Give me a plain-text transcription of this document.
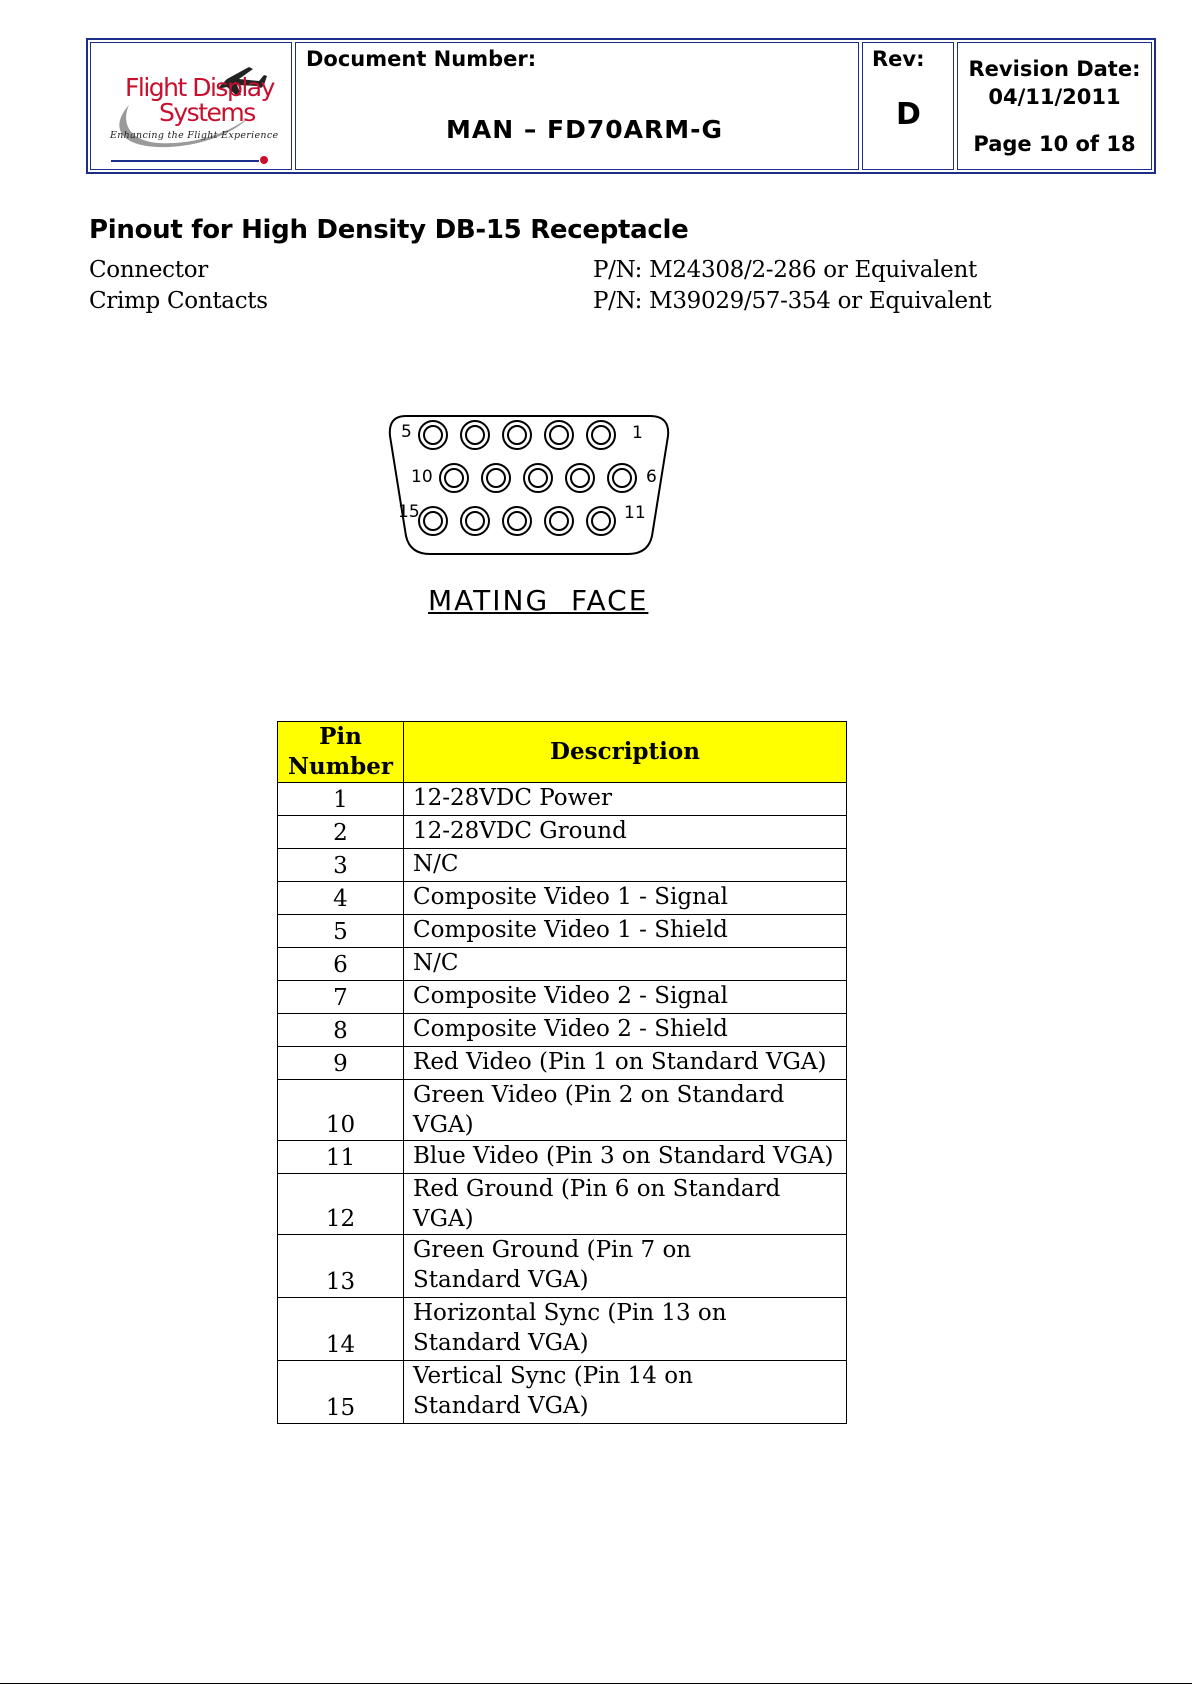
Flight Display
Systems
Enhancing the Flight Experience
Document Number:
MAN – FD70ARM-G
Rev:
D
Revision Date:
04/11/2011
Page 10 of 18
Pinout for High Density DB-15 Receptacle
Connector	P/N: M24308/2-286 or Equivalent
Crimp Contacts	P/N: M39029/57-354 or Equivalent
5	1
10	6
15	11
MATING  FACE
Pin
Number	Description
1	12-28VDC Power
2	12-28VDC Ground
3	N/C
4	Composite Video 1 - Signal
5	Composite Video 1 - Shield
6	N/C
7	Composite Video 2 - Signal
8	Composite Video 2 - Shield
9	Red Video (Pin 1 on Standard VGA)
10	Green Video (Pin 2 on Standard VGA)
11	Blue Video (Pin 3 on Standard VGA)
12	Red Ground (Pin 6 on Standard VGA)
13	Green Ground (Pin 7 on Standard VGA)
14	Horizontal Sync (Pin 13 on Standard VGA)
15	Vertical Sync (Pin 14 on Standard VGA)
